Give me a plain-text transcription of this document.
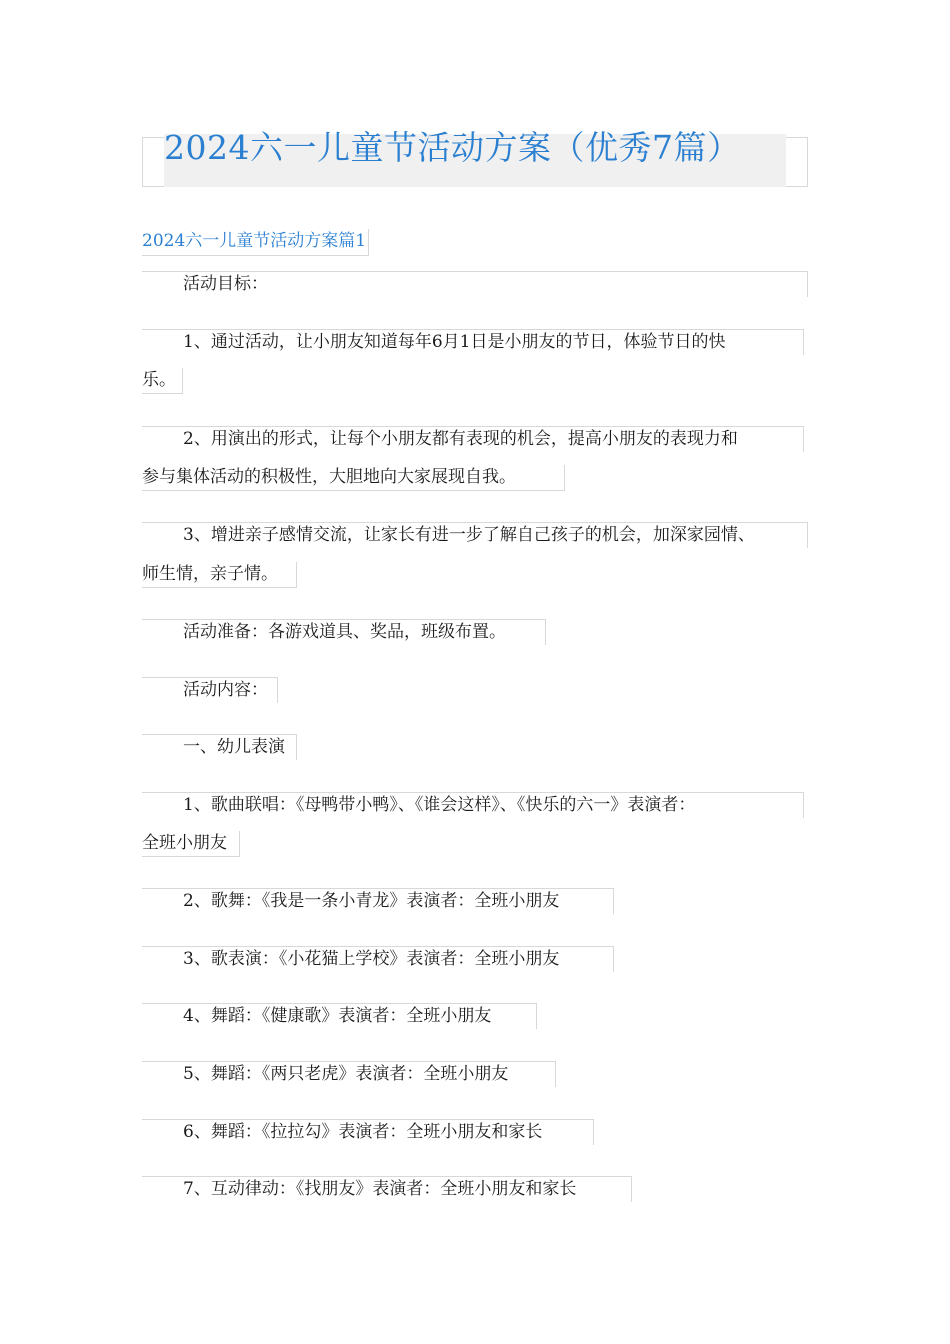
2024六一儿童节活动方案（优秀7篇）
2024六一儿童节活动方案篇1
活动目标：
1、通过活动，让小朋友知道每年6月1日是小朋友的节日，体验节日的快
乐。
2、用演出的形式，让每个小朋友都有表现的机会，提高小朋友的表现力和
参与集体活动的积极性，大胆地向大家展现自我。
3、增进亲子感情交流，让家长有进一步了解自己孩子的机会，加深家园情、
师生情，亲子情。
活动准备：各游戏道具、奖品，班级布置。
活动内容：
一、幼儿表演
1、歌曲联唱：《母鸭带小鸭》、《谁会这样》、《快乐的六一》表演者：
全班小朋友
2、歌舞：《我是一条小青龙》表演者：全班小朋友
3、歌表演：《小花猫上学校》表演者：全班小朋友
4、舞蹈：《健康歌》表演者：全班小朋友
5、舞蹈：《两只老虎》表演者：全班小朋友
6、舞蹈：《拉拉勾》表演者：全班小朋友和家长
7、互动律动：《找朋友》表演者：全班小朋友和家长
